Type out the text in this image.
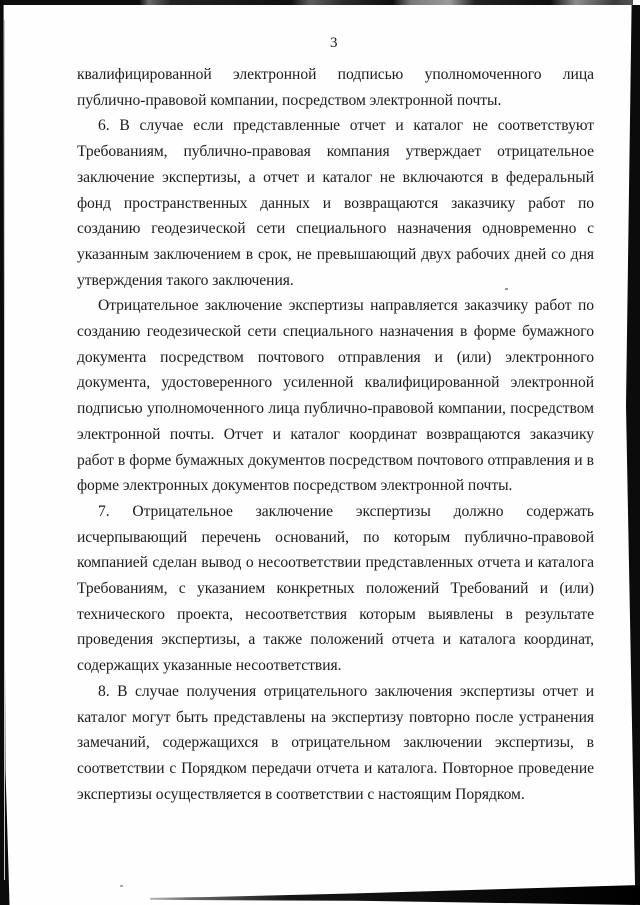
3

квалифицированной электронной подписью уполномоченного лица публично-правовой компании, посредством электронной почты.

6. В случае если представленные отчет и каталог не соответствуют Требованиям, публично-правовая компания утверждает отрицательное заключение экспертизы, а отчет и каталог не включаются в федеральный фонд пространственных данных и возвращаются заказчику работ по созданию геодезической сети специального назначения одновременно с указанным заключением в срок, не превышающий двух рабочих дней со дня утверждения такого заключения.

Отрицательное заключение экспертизы направляется заказчику работ по созданию геодезической сети специального назначения в форме бумажного документа посредством почтового отправления и (или) электронного документа, удостоверенного усиленной квалифицированной электронной подписью уполномоченного лица публично-правовой компании, посредством электронной почты. Отчет и каталог координат возвращаются заказчику работ в форме бумажных документов посредством почтового отправления и в форме электронных документов посредством электронной почты.

7. Отрицательное заключение экспертизы должно содержать исчерпывающий перечень оснований, по которым публично-правовой компанией сделан вывод о несоответствии представленных отчета и каталога Требованиям, с указанием конкретных положений Требований и (или) технического проекта, несоответствия которым выявлены в результате проведения экспертизы, а также положений отчета и каталога координат, содержащих указанные несоответствия.

8. В случае получения отрицательного заключения экспертизы отчет и каталог могут быть представлены на экспертизу повторно после устранения замечаний, содержащихся в отрицательном заключении экспертизы, в соответствии с Порядком передачи отчета и каталога. Повторное проведение экспертизы осуществляется в соответствии с настоящим Порядком.
